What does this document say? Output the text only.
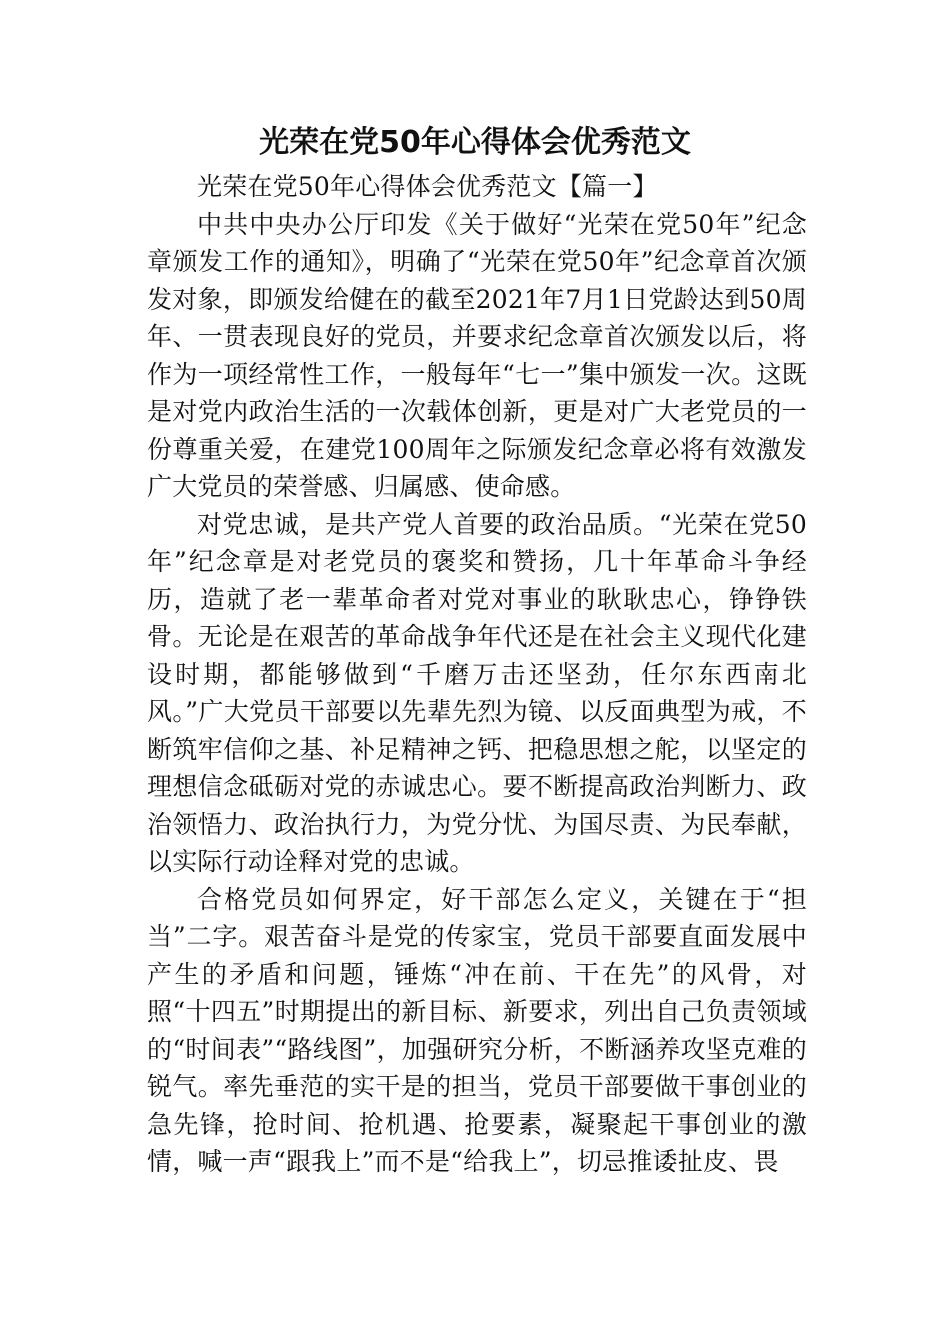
光荣在党50年心得体会优秀范文

光荣在党50年心得体会优秀范文【篇一】

中共中央办公厅印发《关于做好“光荣在党50年”纪念章颁发工作的通知》，明确了“光荣在党50年”纪念章首次颁发对象，即颁发给健在的截至2021年7月1日党龄达到50周年、一贯表现良好的党员，并要求纪念章首次颁发以后，将作为一项经常性工作，一般每年“七一”集中颁发一次。这既是对党内政治生活的一次载体创新，更是对广大老党员的一份尊重关爱，在建党100周年之际颁发纪念章必将有效激发广大党员的荣誉感、归属感、使命感。

对党忠诚，是共产党人首要的政治品质。“光荣在党50年”纪念章是对老党员的褒奖和赞扬，几十年革命斗争经历，造就了老一辈革命者对党对事业的耿耿忠心，铮铮铁骨。无论是在艰苦的革命战争年代还是在社会主义现代化建设时期，都能够做到“千磨万击还坚劲，任尔东西南北风。”广大党员干部要以先辈先烈为镜、以反面典型为戒，不断筑牢信仰之基、补足精神之钙、把稳思想之舵，以坚定的理想信念砥砺对党的赤诚忠心。要不断提高政治判断力、政治领悟力、政治执行力，为党分忧、为国尽责、为民奉献，以实际行动诠释对党的忠诚。

合格党员如何界定，好干部怎么定义，关键在于“担当”二字。艰苦奋斗是党的传家宝，党员干部要直面发展中产生的矛盾和问题，锤炼“冲在前、干在先”的风骨，对照“十四五”时期提出的新目标、新要求，列出自己负责领域的“时间表”“路线图”，加强研究分析，不断涵养攻坚克难的锐气。率先垂范的实干是的担当，党员干部要做干事创业的急先锋，抢时间、抢机遇、抢要素，凝聚起干事创业的激情，喊一声“跟我上”而不是“给我上”，切忌推诿扯皮、畏
